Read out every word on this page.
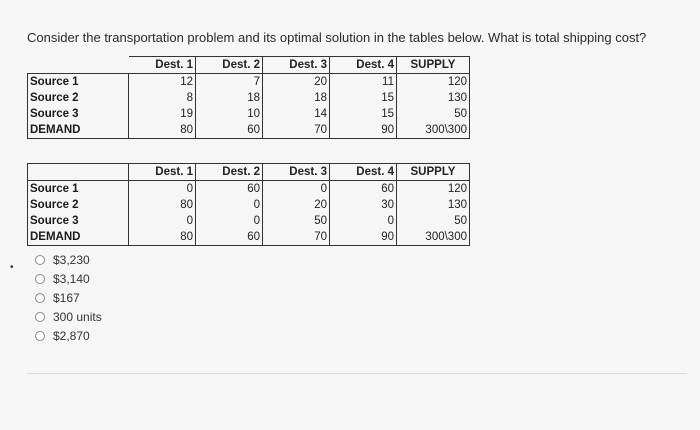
Consider the transportation problem and its optimal solution in the tables below. What is total shipping cost?
	Dest. 1	Dest. 2	Dest. 3	Dest. 4	SUPPLY
Source 1	12	7	20	11	120
Source 2	8	18	18	15	130
Source 3	19	10	14	15	50
DEMAND	80	60	70	90	300\300
	Dest. 1	Dest. 2	Dest. 3	Dest. 4	SUPPLY
Source 1	0	60	0	60	120
Source 2	80	0	20	30	130
Source 3	0	0	50	0	50
DEMAND	80	60	70	90	300\300
•
$3,230
$3,140
$167
300 units
$2,870
